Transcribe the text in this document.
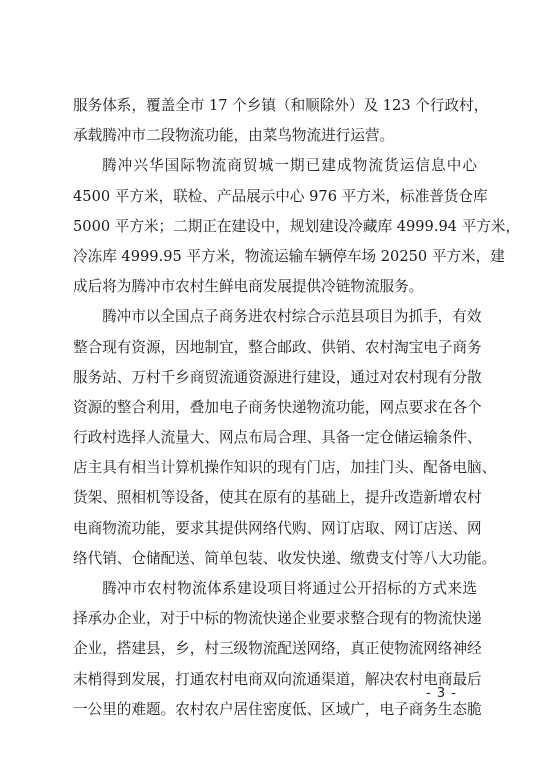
服务体系，覆盖全市 17 个乡镇（和顺除外）及 123 个行政村，
承载腾冲市二段物流功能，由菜鸟物流进行运营。
腾冲兴华国际物流商贸城一期已建成物流货运信息中心
4500 平方米，联检、产品展示中心 976 平方米，标准普货仓库
5000 平方米；二期正在建设中，规划建设冷藏库 4999.94 平方米，
冷冻库 4999.95 平方米，物流运输车辆停车场 20250 平方米，建
成后将为腾冲市农村生鲜电商发展提供冷链物流服务。
腾冲市以全国点子商务进农村综合示范县项目为抓手，有效
整合现有资源，因地制宜，整合邮政、供销、农村淘宝电子商务
服务站、万村千乡商贸流通资源进行建设，通过对农村现有分散
资源的整合利用，叠加电子商务快递物流功能，网点要求在各个
行政村选择人流量大、网点布局合理、具备一定仓储运输条件、
店主具有相当计算机操作知识的现有门店，加挂门头、配备电脑、
货架、照相机等设备，使其在原有的基础上，提升改造新增农村
电商物流功能，要求其提供网络代购、网订店取、网订店送、网
络代销、仓储配送、简单包装、收发快递、缴费支付等八大功能。
腾冲市农村物流体系建设项目将通过公开招标的方式来选
择承办企业，对于中标的物流快递企业要求整合现有的物流快递
企业，搭建县，乡，村三级物流配送网络，真正使物流网络神经
末梢得到发展，打通农村电商双向流通渠道，解决农村电商最后
一公里的难题。农村农户居住密度低、区域广，电子商务生态脆
- 3 -
